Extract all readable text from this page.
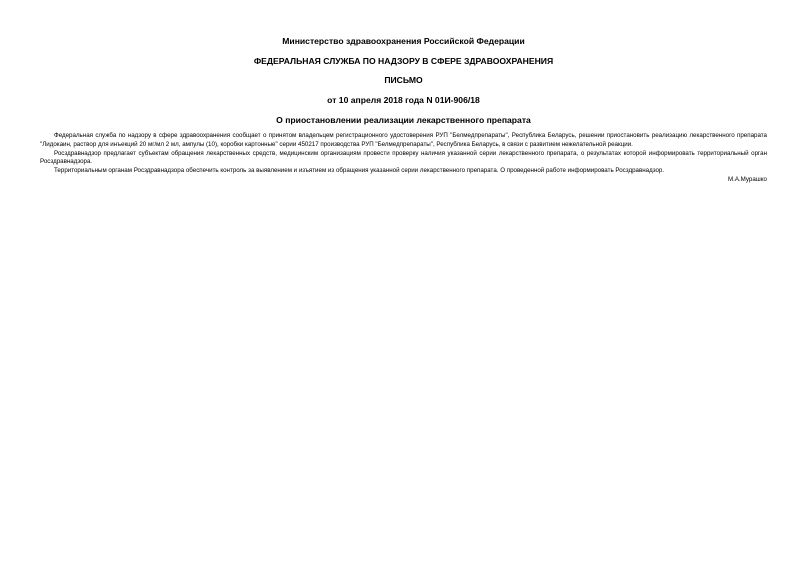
Министерство здравоохранения Российской Федерации
ФЕДЕРАЛЬНАЯ СЛУЖБА ПО НАДЗОРУ В СФЕРЕ ЗДРАВООХРАНЕНИЯ
ПИСЬМО
от 10 апреля 2018 года N 01И-906/18
О приостановлении реализации лекарственного препарата

Федеральная служба по надзору в сфере здравоохранения сообщает о принятом владельцем регистрационного удостоверения РУП "Белмедпрепараты", Республика Беларусь, решении приостановить реализацию лекарственного препарата "Лидокаин, раствор для инъекций 20 мг/мл 2 мл, ампулы (10), коробки картонные" серии 450217 производства РУП "Белмедпрепараты", Республика Беларусь, в связи с развитием нежелательной реакции.

Росздравнадзор предлагает субъектам обращения лекарственных средств, медицинским организациям провести проверку наличия указанной серии лекарственного препарата, о результатах которой информировать территориальный орган Росздравнадзора.

Территориальным органам Росздравнадзора обеспечить контроль за выявлением и изъятием из обращения указанной серии лекарственного препарата. О проведенной работе информировать Росздравнадзор.

М.А.Мурашко
